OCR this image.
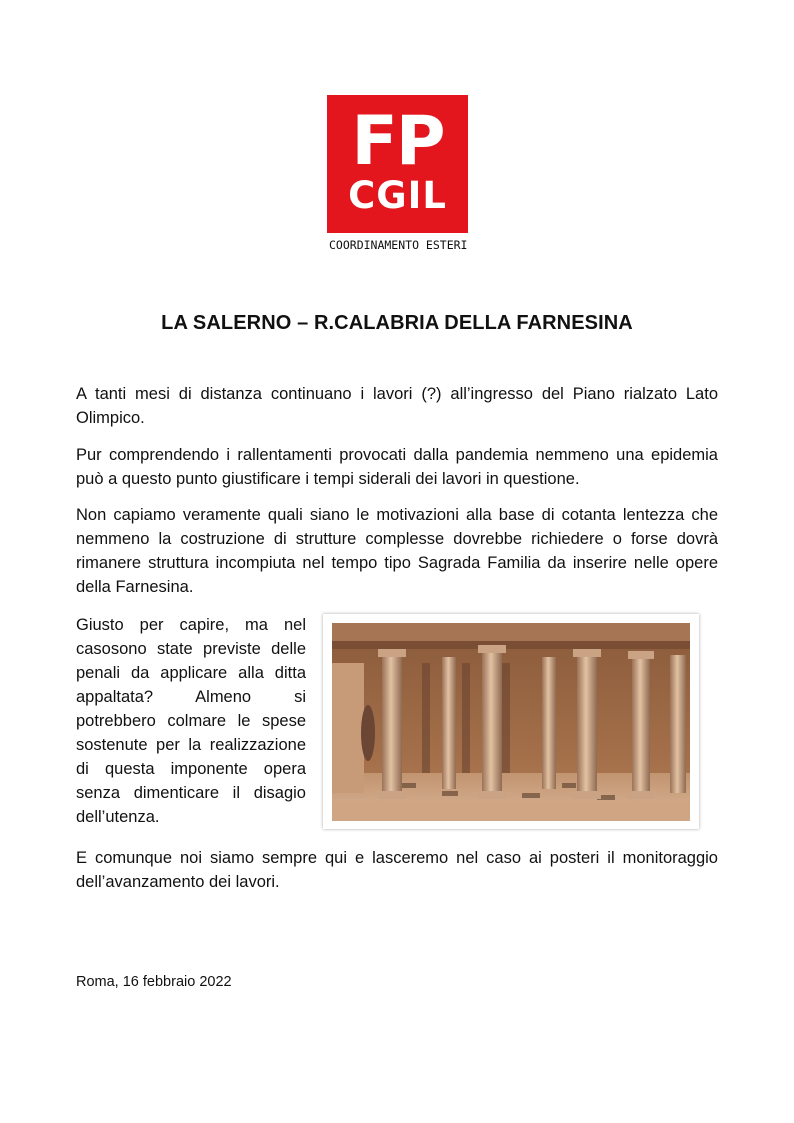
FP
CGIL
COORDINAMENTO ESTERI
LA SALERNO – R.CALABRIA DELLA FARNESINA

A tanti mesi di distanza continuano i lavori (?) all’ingresso del Piano rialzato Lato Olimpico.

Pur comprendendo i rallentamenti provocati dalla pandemia nemmeno una epidemia può a questo punto giustificare i tempi siderali dei lavori in questione.

Non capiamo veramente quali siano le motivazioni alla base di cotanta lentezza che nemmeno la costruzione di strutture complesse dovrebbe richiedere o forse dovrà rimanere struttura incompiuta nel tempo tipo Sagrada Familia da inserire nelle opere della Farnesina.

Giusto per capire, ma nel casosono state previste delle penali da applicare alla ditta appaltata? Almeno si potrebbero colmare le spese sostenute per la realizzazione di questa imponente opera senza dimenticare il disagio dell’utenza.

E comunque noi siamo sempre qui e lasceremo nel caso ai posteri il monitoraggio dell’avanzamento dei lavori.

Roma, 16 febbraio 2022
